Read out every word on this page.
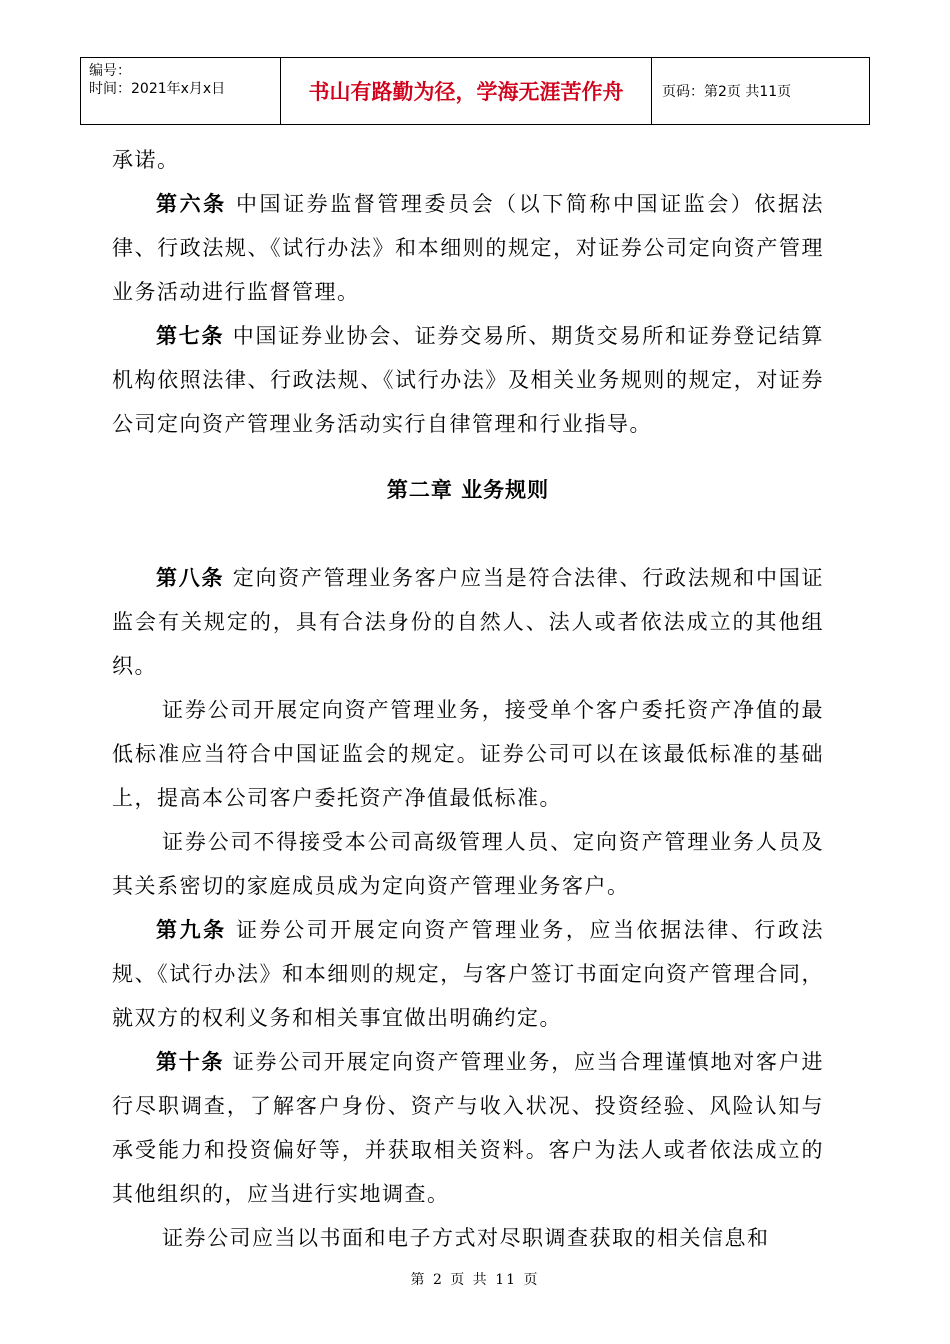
编号：
时间：2021年x月x日	书山有路勤为径，学海无涯苦作舟	页码：第2页 共11页

承诺。

第六条 中国证券监督管理委员会（以下简称中国证监会）依据法律、行政法规、《试行办法》和本细则的规定，对证券公司定向资产管理业务活动进行监督管理。

第七条 中国证券业协会、证券交易所、期货交易所和证券登记结算机构依照法律、行政法规、《试行办法》及相关业务规则的规定，对证券公司定向资产管理业务活动实行自律管理和行业指导。

第二章 业务规则

第八条 定向资产管理业务客户应当是符合法律、行政法规和中国证监会有关规定的，具有合法身份的自然人、法人或者依法成立的其他组织。

证券公司开展定向资产管理业务，接受单个客户委托资产净值的最低标准应当符合中国证监会的规定。证券公司可以在该最低标准的基础上，提高本公司客户委托资产净值最低标准。

证券公司不得接受本公司高级管理人员、定向资产管理业务人员及其关系密切的家庭成员成为定向资产管理业务客户。

第九条 证券公司开展定向资产管理业务，应当依据法律、行政法规、《试行办法》和本细则的规定，与客户签订书面定向资产管理合同，就双方的权利义务和相关事宜做出明确约定。

第十条 证券公司开展定向资产管理业务，应当合理谨慎地对客户进行尽职调查，了解客户身份、资产与收入状况、投资经验、风险认知与承受能力和投资偏好等，并获取相关资料。客户为法人或者依法成立的其他组织的，应当进行实地调查。

证券公司应当以书面和电子方式对尽职调查获取的相关信息和

第 2 页 共 11 页
